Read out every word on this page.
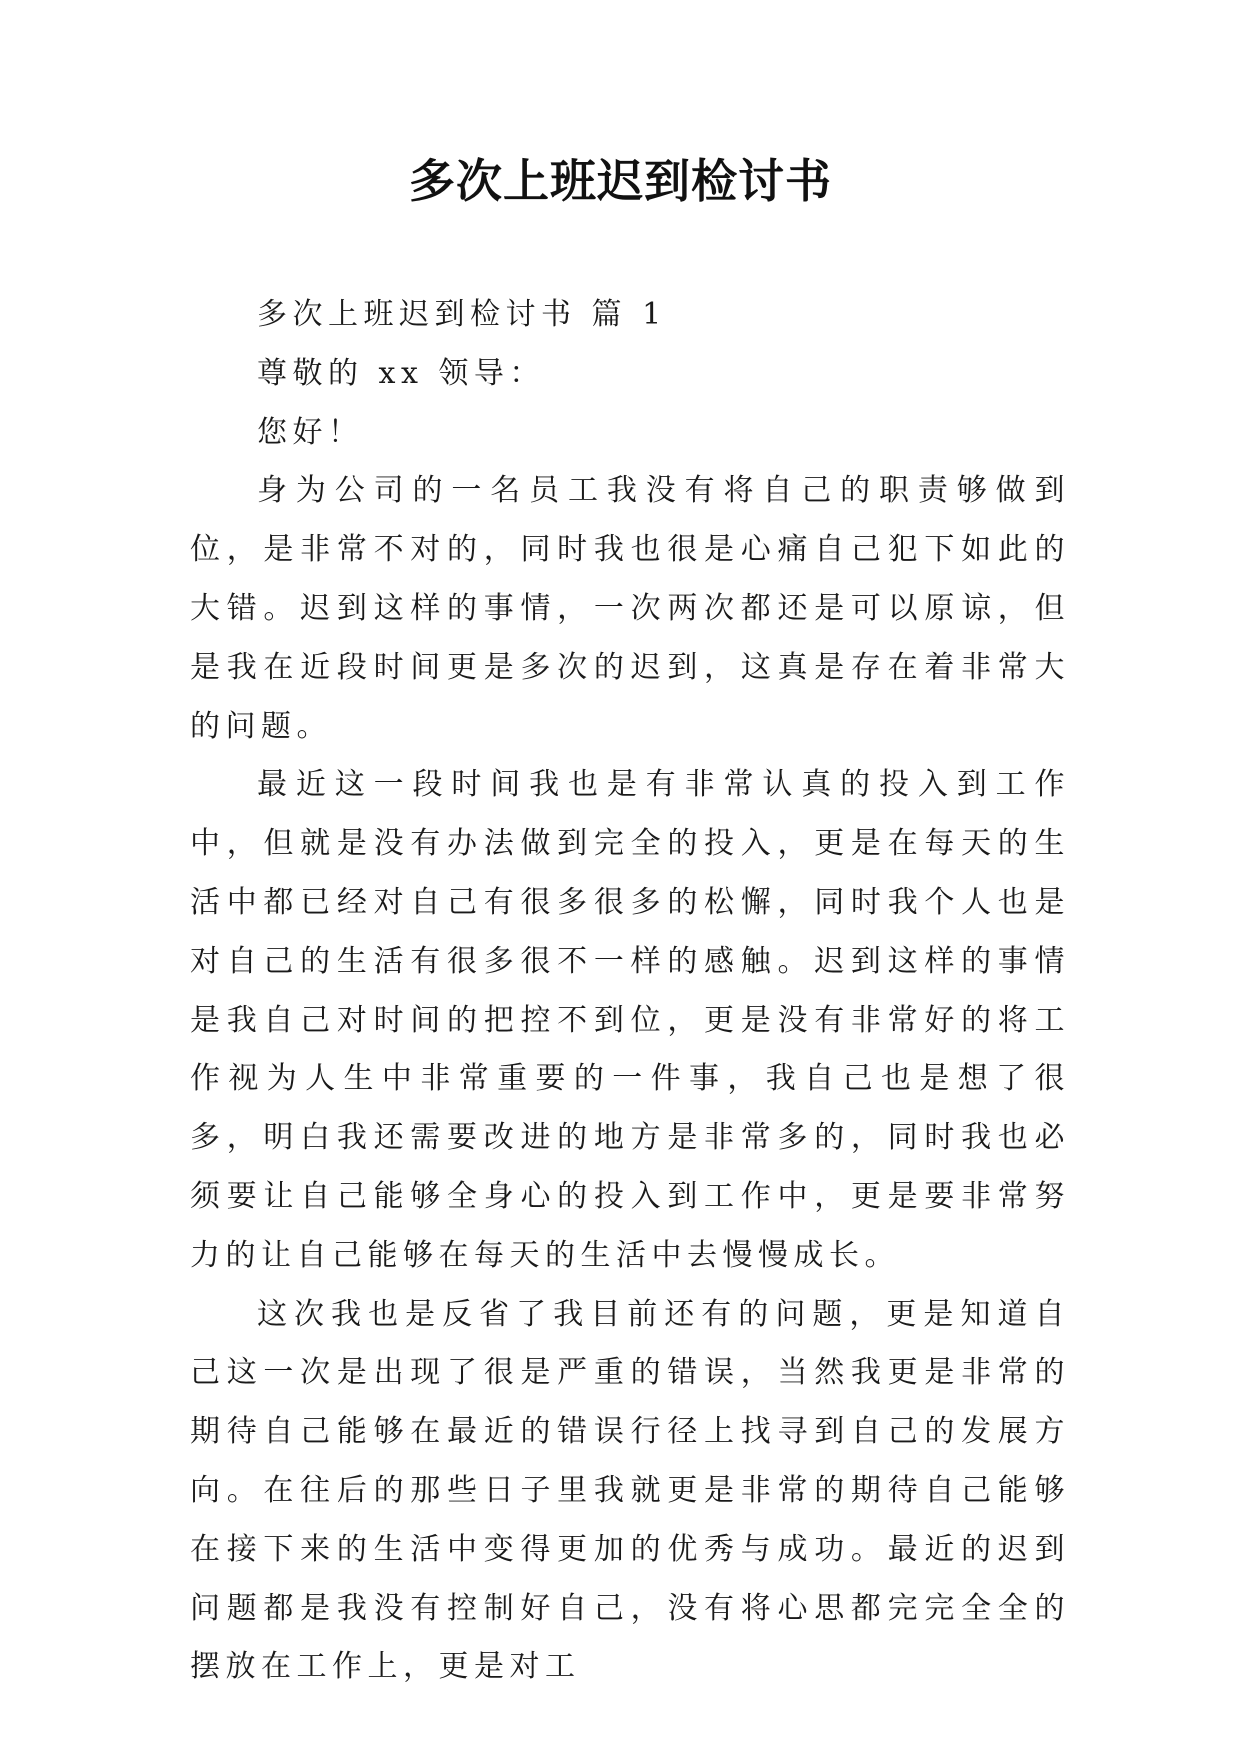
多次上班迟到检讨书

多次上班迟到检讨书 篇 1

尊敬的 xx 领导：

您好！

身为公司的一名员工我没有将自己的职责够做到位，是非常不对的，同时我也很是心痛自己犯下如此的大错。迟到这样的事情，一次两次都还是可以原谅，但是我在近段时间更是多次的迟到，这真是存在着非常大的问题。

最近这一段时间我也是有非常认真的投入到工作中，但就是没有办法做到完全的投入，更是在每天的生活中都已经对自己有很多很多的松懈，同时我个人也是对自己的生活有很多很不一样的感触。迟到这样的事情是我自己对时间的把控不到位，更是没有非常好的将工作视为人生中非常重要的一件事，我自己也是想了很多，明白我还需要改进的地方是非常多的，同时我也必须要让自己能够全身心的投入到工作中，更是要非常努力的让自己能够在每天的生活中去慢慢成长。

这次我也是反省了我目前还有的问题，更是知道自己这一次是出现了很是严重的错误，当然我更是非常的期待自己能够在最近的错误行径上找寻到自己的发展方向。在往后的那些日子里我就更是非常的期待自己能够在接下来的生活中变得更加的优秀与成功。最近的迟到问题都是我没有控制好自己，没有将心思都完完全全的摆放在工作上，更是对工
